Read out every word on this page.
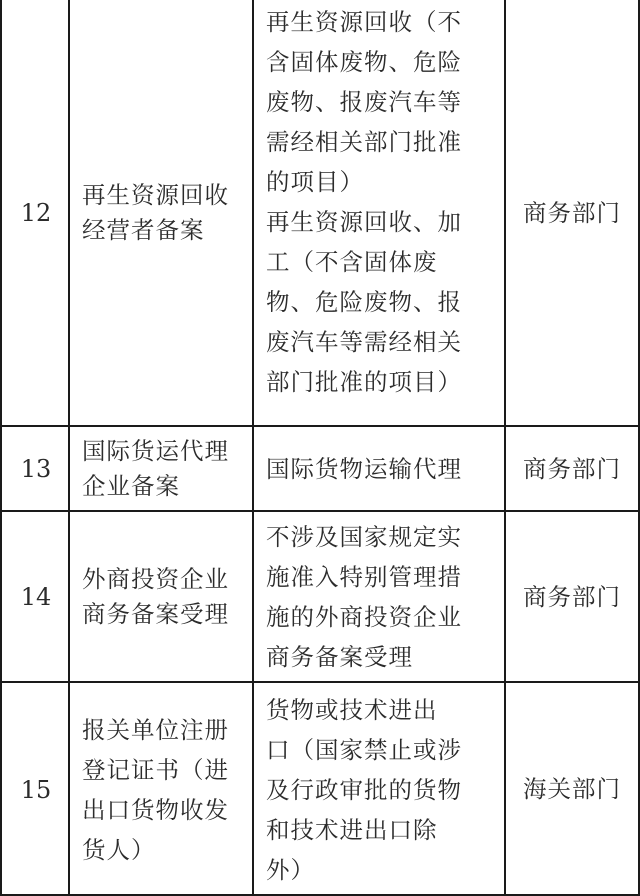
12
再生资源回收
经营者备案
再生资源回收（不
含固体废物、危险
废物、报废汽车等
需经相关部门批准
的项目）
再生资源回收、加
工（不含固体废
物、危险废物、报
废汽车等需经相关
部门批准的项目）
商务部门
13
国际货运代理
企业备案
国际货物运输代理	商务部门
14
外商投资企业
商务备案受理
不涉及国家规定实
施准入特别管理措
施的外商投资企业
商务备案受理
商务部门
15
报关单位注册
登记证书（进
出口货物收发
货人）
货物或技术进出
口（国家禁止或涉
及行政审批的货物
和技术进出口除
外）
海关部门
